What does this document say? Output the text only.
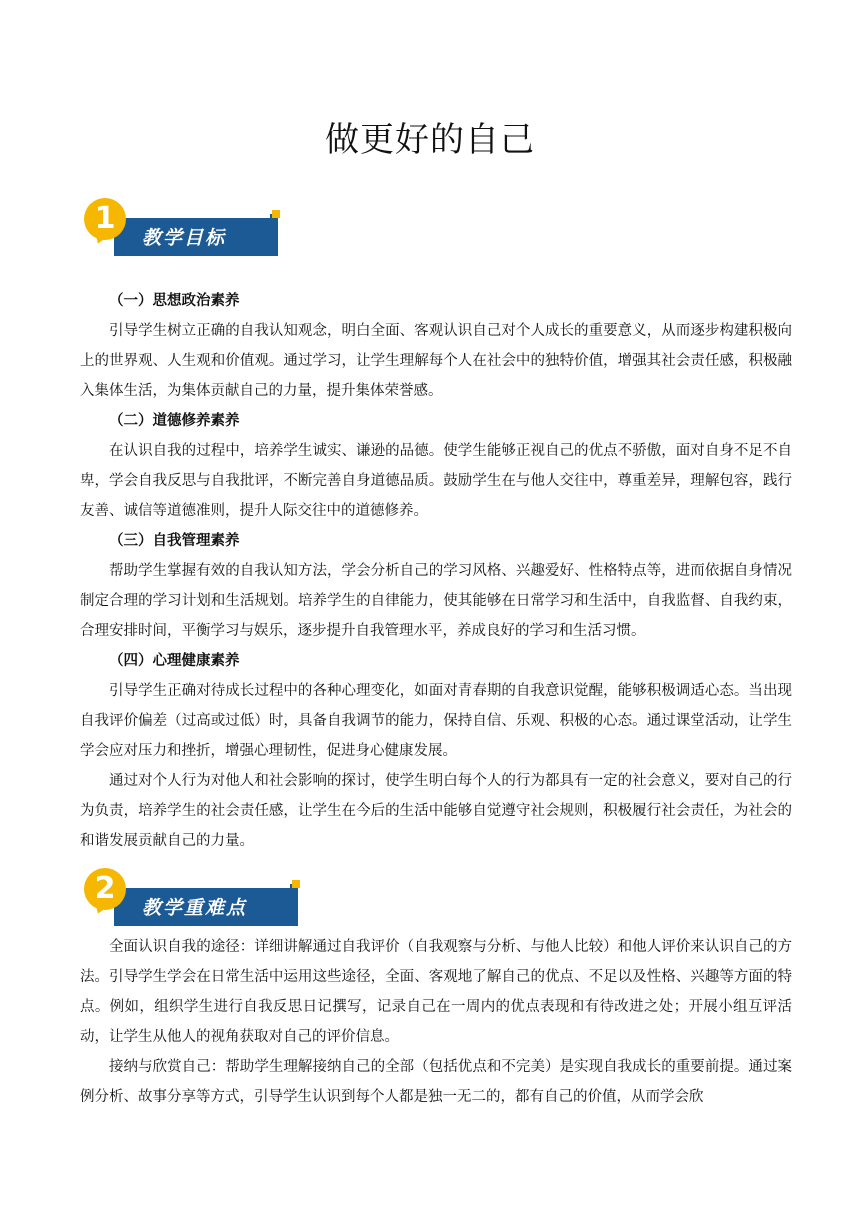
做更好的自己
1
教学目标

（一）思想政治素养

引导学生树立正确的自我认知观念，明白全面、客观认识自己对个人成长的重要意义，从而逐步构建积极向上的世界观、人生观和价值观。通过学习，让学生理解每个人在社会中的独特价值，增强其社会责任感，积极融入集体生活，为集体贡献自己的力量，提升集体荣誉感。

（二）道德修养素养

在认识自我的过程中，培养学生诚实、谦逊的品德。使学生能够正视自己的优点不骄傲，面对自身不足不自卑，学会自我反思与自我批评，不断完善自身道德品质。鼓励学生在与他人交往中，尊重差异，理解包容，践行友善、诚信等道德准则，提升人际交往中的道德修养。

（三）自我管理素养

帮助学生掌握有效的自我认知方法，学会分析自己的学习风格、兴趣爱好、性格特点等，进而依据自身情况制定合理的学习计划和生活规划。培养学生的自律能力，使其能够在日常学习和生活中，自我监督、自我约束，合理安排时间，平衡学习与娱乐，逐步提升自我管理水平，养成良好的学习和生活习惯。

（四）心理健康素养

引导学生正确对待成长过程中的各种心理变化，如面对青春期的自我意识觉醒，能够积极调适心态。当出现自我评价偏差（过高或过低）时，具备自我调节的能力，保持自信、乐观、积极的心态。通过课堂活动，让学生学会应对压力和挫折，增强心理韧性，促进身心健康发展。

通过对个人行为对他人和社会影响的探讨，使学生明白每个人的行为都具有一定的社会意义，要对自己的行为负责，培养学生的社会责任感，让学生在今后的生活中能够自觉遵守社会规则，积极履行社会责任，为社会的和谐发展贡献自己的力量。

2
教学重难点

全面认识自我的途径：详细讲解通过自我评价（自我观察与分析、与他人比较）和他人评价来认识自己的方法。引导学生学会在日常生活中运用这些途径，全面、客观地了解自己的优点、不足以及性格、兴趣等方面的特点。例如，组织学生进行自我反思日记撰写，记录自己在一周内的优点表现和有待改进之处；开展小组互评活动，让学生从他人的视角获取对自己的评价信息。

接纳与欣赏自己：帮助学生理解接纳自己的全部（包括优点和不完美）是实现自我成长的重要前提。通过案例分析、故事分享等方式，引导学生认识到每个人都是独一无二的，都有自己的价值，从而学会欣
